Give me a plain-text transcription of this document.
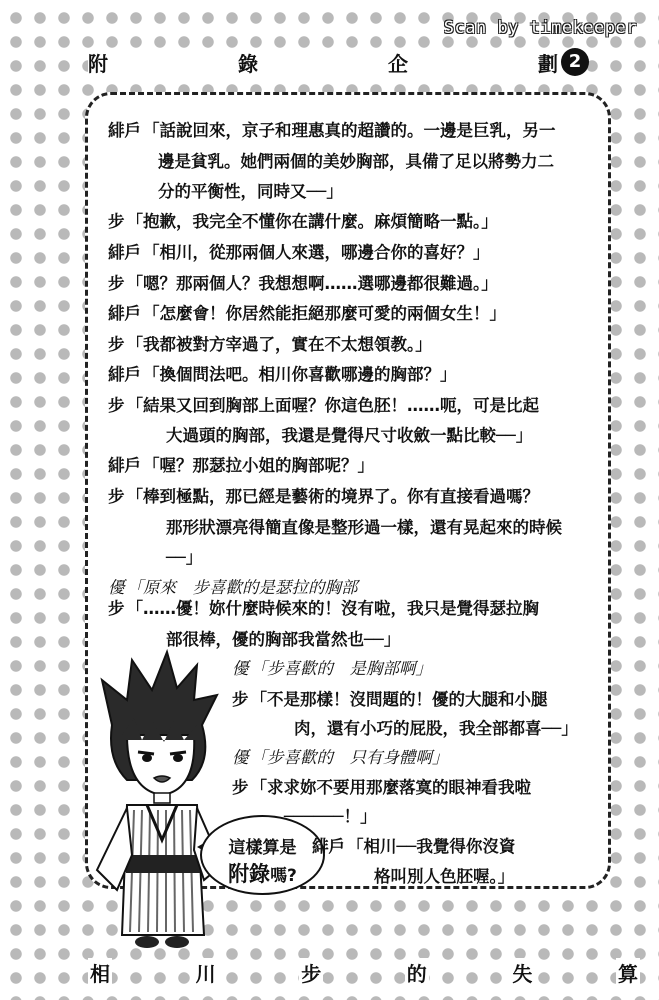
Scan by timekeeper
附	錄	企	劃 2
這樣算是
附錄嗎?
緋戶 「話說回來，京子和理惠真的超讚的。一邊是巨乳，另一
邊是貧乳。她們兩個的美妙胸部，具備了足以將勢力二
分的平衡性，同時又──」
步 「抱歉，我完全不懂你在講什麼。麻煩簡略一點。」
緋戶 「相川，從那兩個人來選，哪邊合你的喜好？」
步 「嗯？那兩個人？我想想啊……選哪邊都很難過。」
緋戶 「怎麼會！你居然能拒絕那麼可愛的兩個女生！」
步 「我都被對方宰過了，實在不太想領教。」
緋戶 「換個問法吧。相川你喜歡哪邊的胸部？」
步 「結果又回到胸部上面喔？你這色胚！……呃，可是比起
大過頭的胸部，我還是覺得尺寸收斂一點比較──」
緋戶 「喔？那瑟拉小姐的胸部呢？」
步 「棒到極點，那已經是藝術的境界了。你有直接看過嗎？
那形狀漂亮得簡直像是整形過一樣，還有晃起來的時候
──」
優 「原來　步喜歡的是瑟拉的胸部
步 「……優！妳什麼時候來的！沒有啦，我只是覺得瑟拉胸
部很棒，優的胸部我當然也──」
優 「步喜歡的　是胸部啊」
步 「不是那樣！沒問題的！優的大腿和小腿
肉，還有小巧的屁股，我全部都喜──」
優 「步喜歡的　只有身體啊」
步 「求求妳不要用那麼落寞的眼神看我啦
──────！」
緋戶 「相川──我覺得你沒資
格叫別人色胚喔。」
相	川	步	的	失	算
